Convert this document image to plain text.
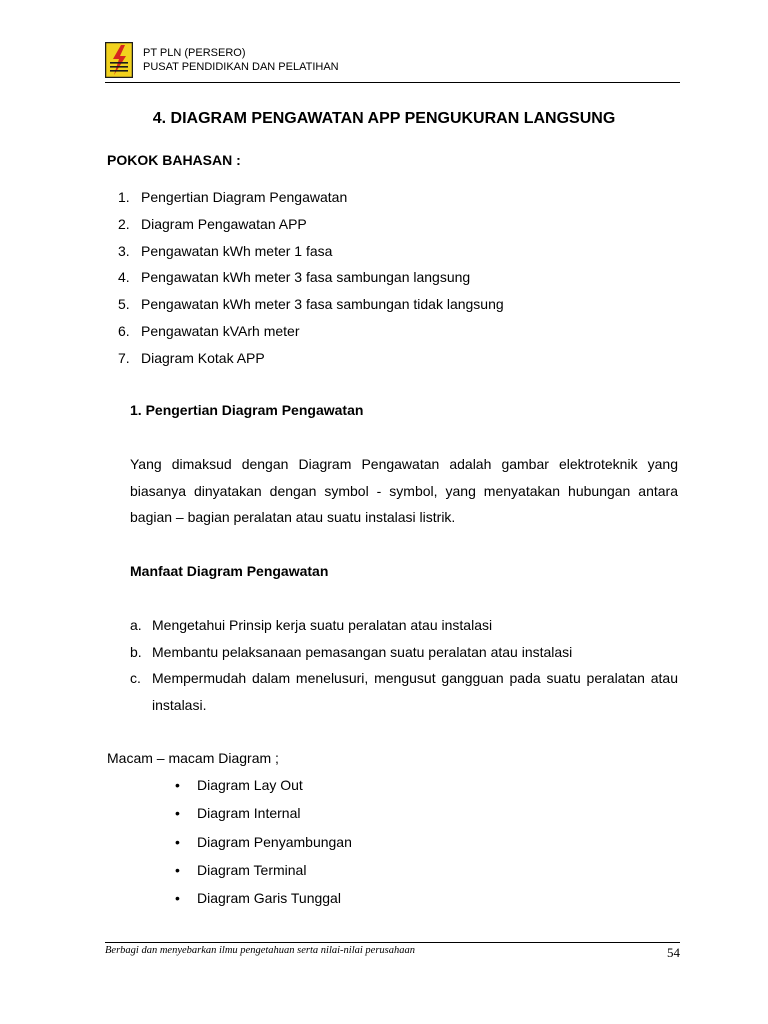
PT PLN (PERSERO)
PUSAT PENDIDIKAN DAN PELATIHAN
4. DIAGRAM PENGAWATAN APP PENGUKURAN LANGSUNG
POKOK BAHASAN :
1. Pengertian Diagram Pengawatan
2. Diagram Pengawatan APP
3. Pengawatan kWh meter 1 fasa
4. Pengawatan kWh meter 3 fasa sambungan langsung
5. Pengawatan kWh meter 3 fasa sambungan tidak langsung
6. Pengawatan kVArh meter
7. Diagram Kotak APP
1. Pengertian Diagram Pengawatan
Yang dimaksud dengan Diagram Pengawatan adalah gambar elektroteknik yang biasanya dinyatakan dengan symbol - symbol, yang menyatakan hubungan antara bagian – bagian peralatan atau suatu instalasi listrik.
Manfaat Diagram Pengawatan
a. Mengetahui Prinsip kerja suatu peralatan atau instalasi
b. Membantu pelaksanaan pemasangan suatu peralatan atau instalasi
c. Mempermudah dalam menelusuri, mengusut gangguan pada suatu peralatan atau instalasi.
Macam – macam Diagram ;
• Diagram Lay Out
• Diagram Internal
• Diagram Penyambungan
• Diagram Terminal
• Diagram Garis Tunggal
Berbagi dan menyebarkan ilmu pengetahuan serta nilai-nilai perusahaan	54
